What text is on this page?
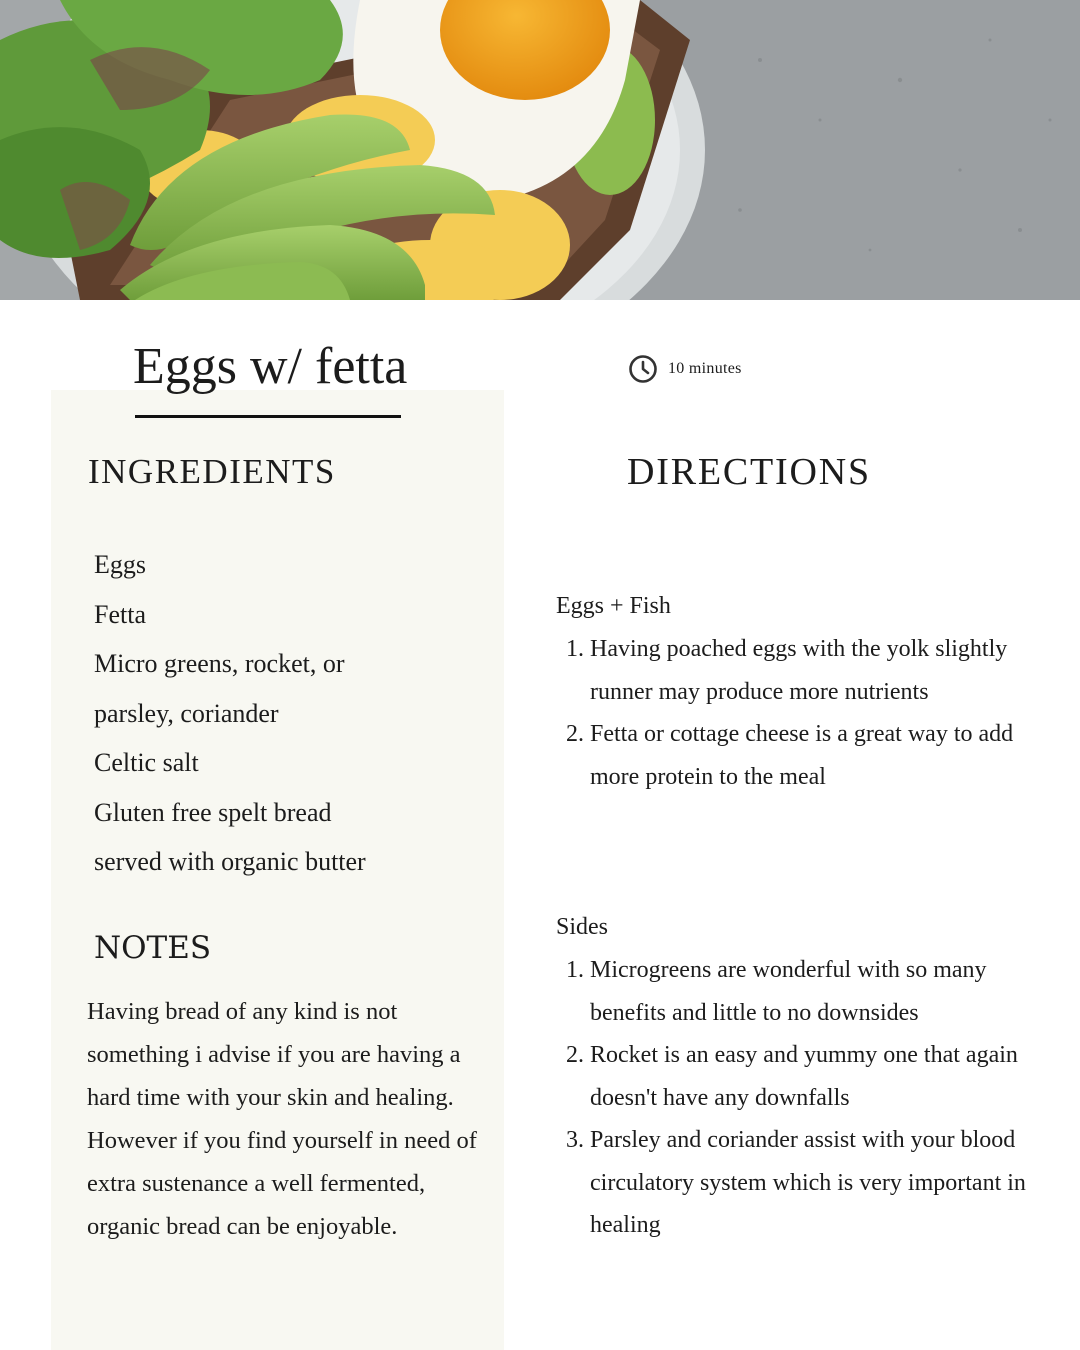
Eggs w/ fetta	10 minutes
INGREDIENTS
Eggs
Fetta
Micro greens, rocket, or
parsley, coriander
Celtic salt
Gluten free spelt bread
served with organic butter
NOTES

Having bread of any kind is not something i advise if you are having a hard time with your skin and healing. However if you find yourself in need of extra sustenance a well fermented, organic bread can be enjoyable.

DIRECTIONS

Eggs + Fish

1. Having poached eggs with the yolk slightly runner may produce more nutrients
2. Fetta or cottage cheese is a great way to add more protein to the meal

Sides

1. Microgreens are wonderful with so many benefits and little to no downsides
2. Rocket is an easy and yummy one that again doesn't have any downfalls
3. Parsley and coriander assist with your blood circulatory system which is very important in healing
